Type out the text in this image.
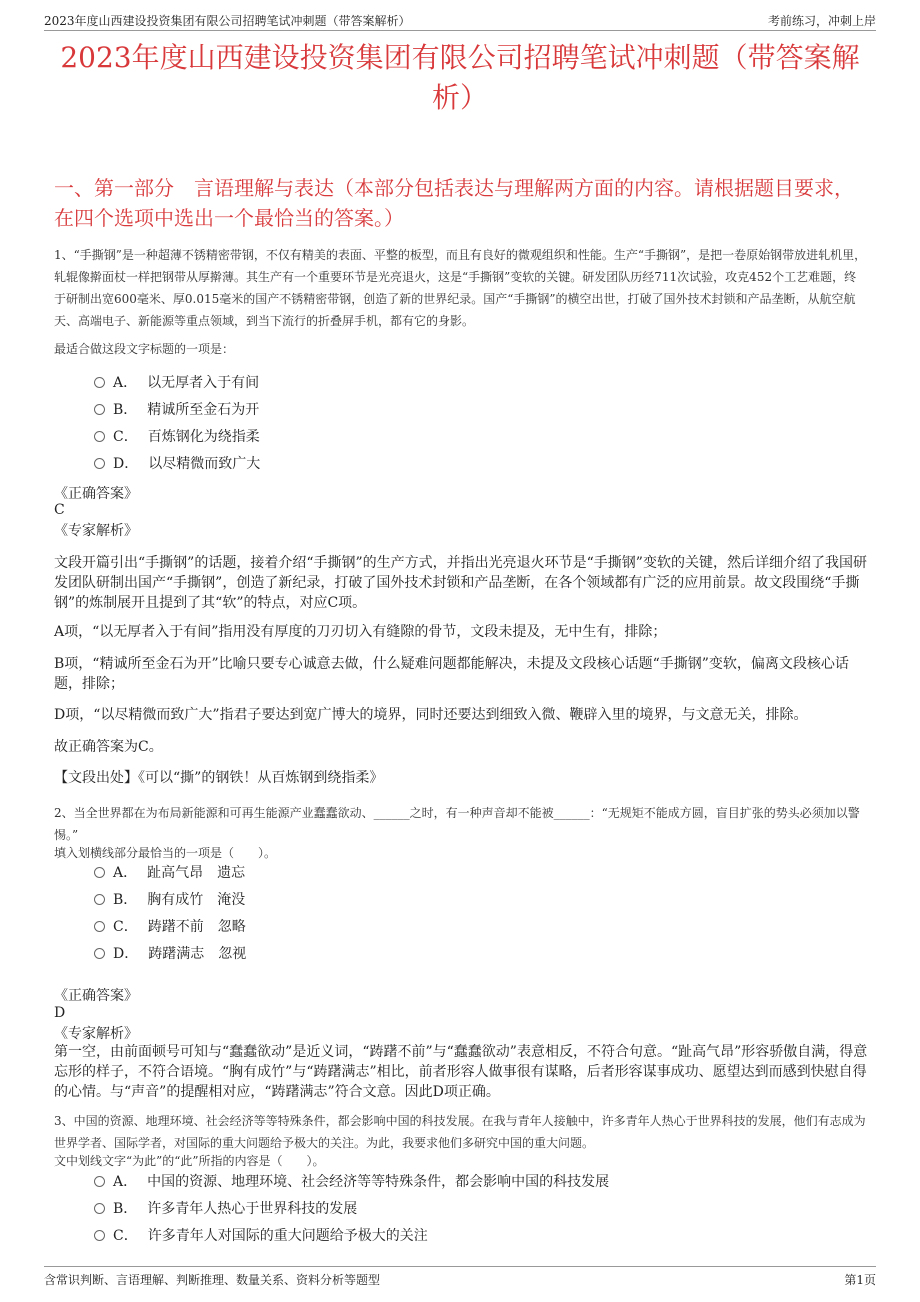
2023年度山西建设投资集团有限公司招聘笔试冲刺题（带答案解析）	考前练习，冲刺上岸
2023年度山西建设投资集团有限公司招聘笔试冲刺题（带答案解析）
一、第一部分　言语理解与表达（本部分包括表达与理解两方面的内容。请根据题目要求，在四个选项中选出一个最恰当的答案。）

1、“手撕钢”是一种超薄不锈精密带钢，不仅有精美的表面、平整的板型，而且有良好的微观组织和性能。生产“手撕钢”，是把一卷原始钢带放进轧机里，轧辊像擀面杖一样把钢带从厚擀薄。其生产有一个重要环节是光亮退火，这是“手撕钢”变软的关键。研发团队历经711次试验，攻克452个工艺难题，终于研制出宽600毫米、厚0.015毫米的国产不锈精密带钢，创造了新的世界纪录。国产“手撕钢”的横空出世，打破了国外技术封锁和产品垄断，从航空航天、高端电子、新能源等重点领域，到当下流行的折叠屏手机，都有它的身影。

最适合做这段文字标题的一项是：

A． 以无厚者入于有间
B． 精诚所至金石为开
C． 百炼钢化为绕指柔
D． 以尽精微而致广大

《正确答案》

C

《专家解析》

文段开篇引出“手撕钢”的话题，接着介绍“手撕钢”的生产方式，并指出光亮退火环节是“手撕钢”变软的关键，然后详细介绍了我国研发团队研制出国产“手撕钢”，创造了新纪录，打破了国外技术封锁和产品垄断，在各个领域都有广泛的应用前景。故文段围绕“手撕钢”的炼制展开且提到了其“软”的特点，对应C项。

A项，“以无厚者入于有间”指用没有厚度的刀刃切入有缝隙的骨节，文段未提及，无中生有，排除；

B项，“精诚所至金石为开”比喻只要专心诚意去做，什么疑难问题都能解决，未提及文段核心话题“手撕钢”变软，偏离文段核心话题，排除；

D项，“以尽精微而致广大”指君子要达到宽广博大的境界，同时还要达到细致入微、鞭辟入里的境界，与文意无关，排除。

故正确答案为C。

【文段出处】《可以“撕”的钢铁！从百炼钢到绕指柔》

2、当全世界都在为布局新能源和可再生能源产业蠢蠢欲动、______之时，有一种声音却不能被______：“无规矩不能成方圆，盲目扩张的势头必须加以警惕。”

填入划横线部分最恰当的一项是（　　）。

A． 趾高气昂　遗忘
B． 胸有成竹　淹没
C． 踌躇不前　忽略
D． 踌躇满志　忽视

《正确答案》

D

《专家解析》

第一空，由前面顿号可知与“蠢蠢欲动”是近义词，“踌躇不前”与“蠢蠢欲动”表意相反，不符合句意。“趾高气昂”形容骄傲自满，得意忘形的样子，不符合语境。“胸有成竹”与“踌躇满志”相比，前者形容人做事很有谋略，后者形容谋事成功、愿望达到而感到快慰自得的心情。与“声音”的提醒相对应，“踌躇满志”符合文意。因此D项正确。

3、中国的资源、地理环境、社会经济等等特殊条件，都会影响中国的科技发展。在我与青年人接触中，许多青年人热心于世界科技的发展，他们有志成为世界学者、国际学者，对国际的重大问题给予极大的关注。为此，我要求他们多研究中国的重大问题。

文中划线文字“为此”的“此”所指的内容是（　　）。

A． 中国的资源、地理环境、社会经济等等特殊条件，都会影响中国的科技发展
B． 许多青年人热心于世界科技的发展
C． 许多青年人对国际的重大问题给予极大的关注
含常识判断、言语理解、判断推理、数量关系、资料分析等题型	第1页
